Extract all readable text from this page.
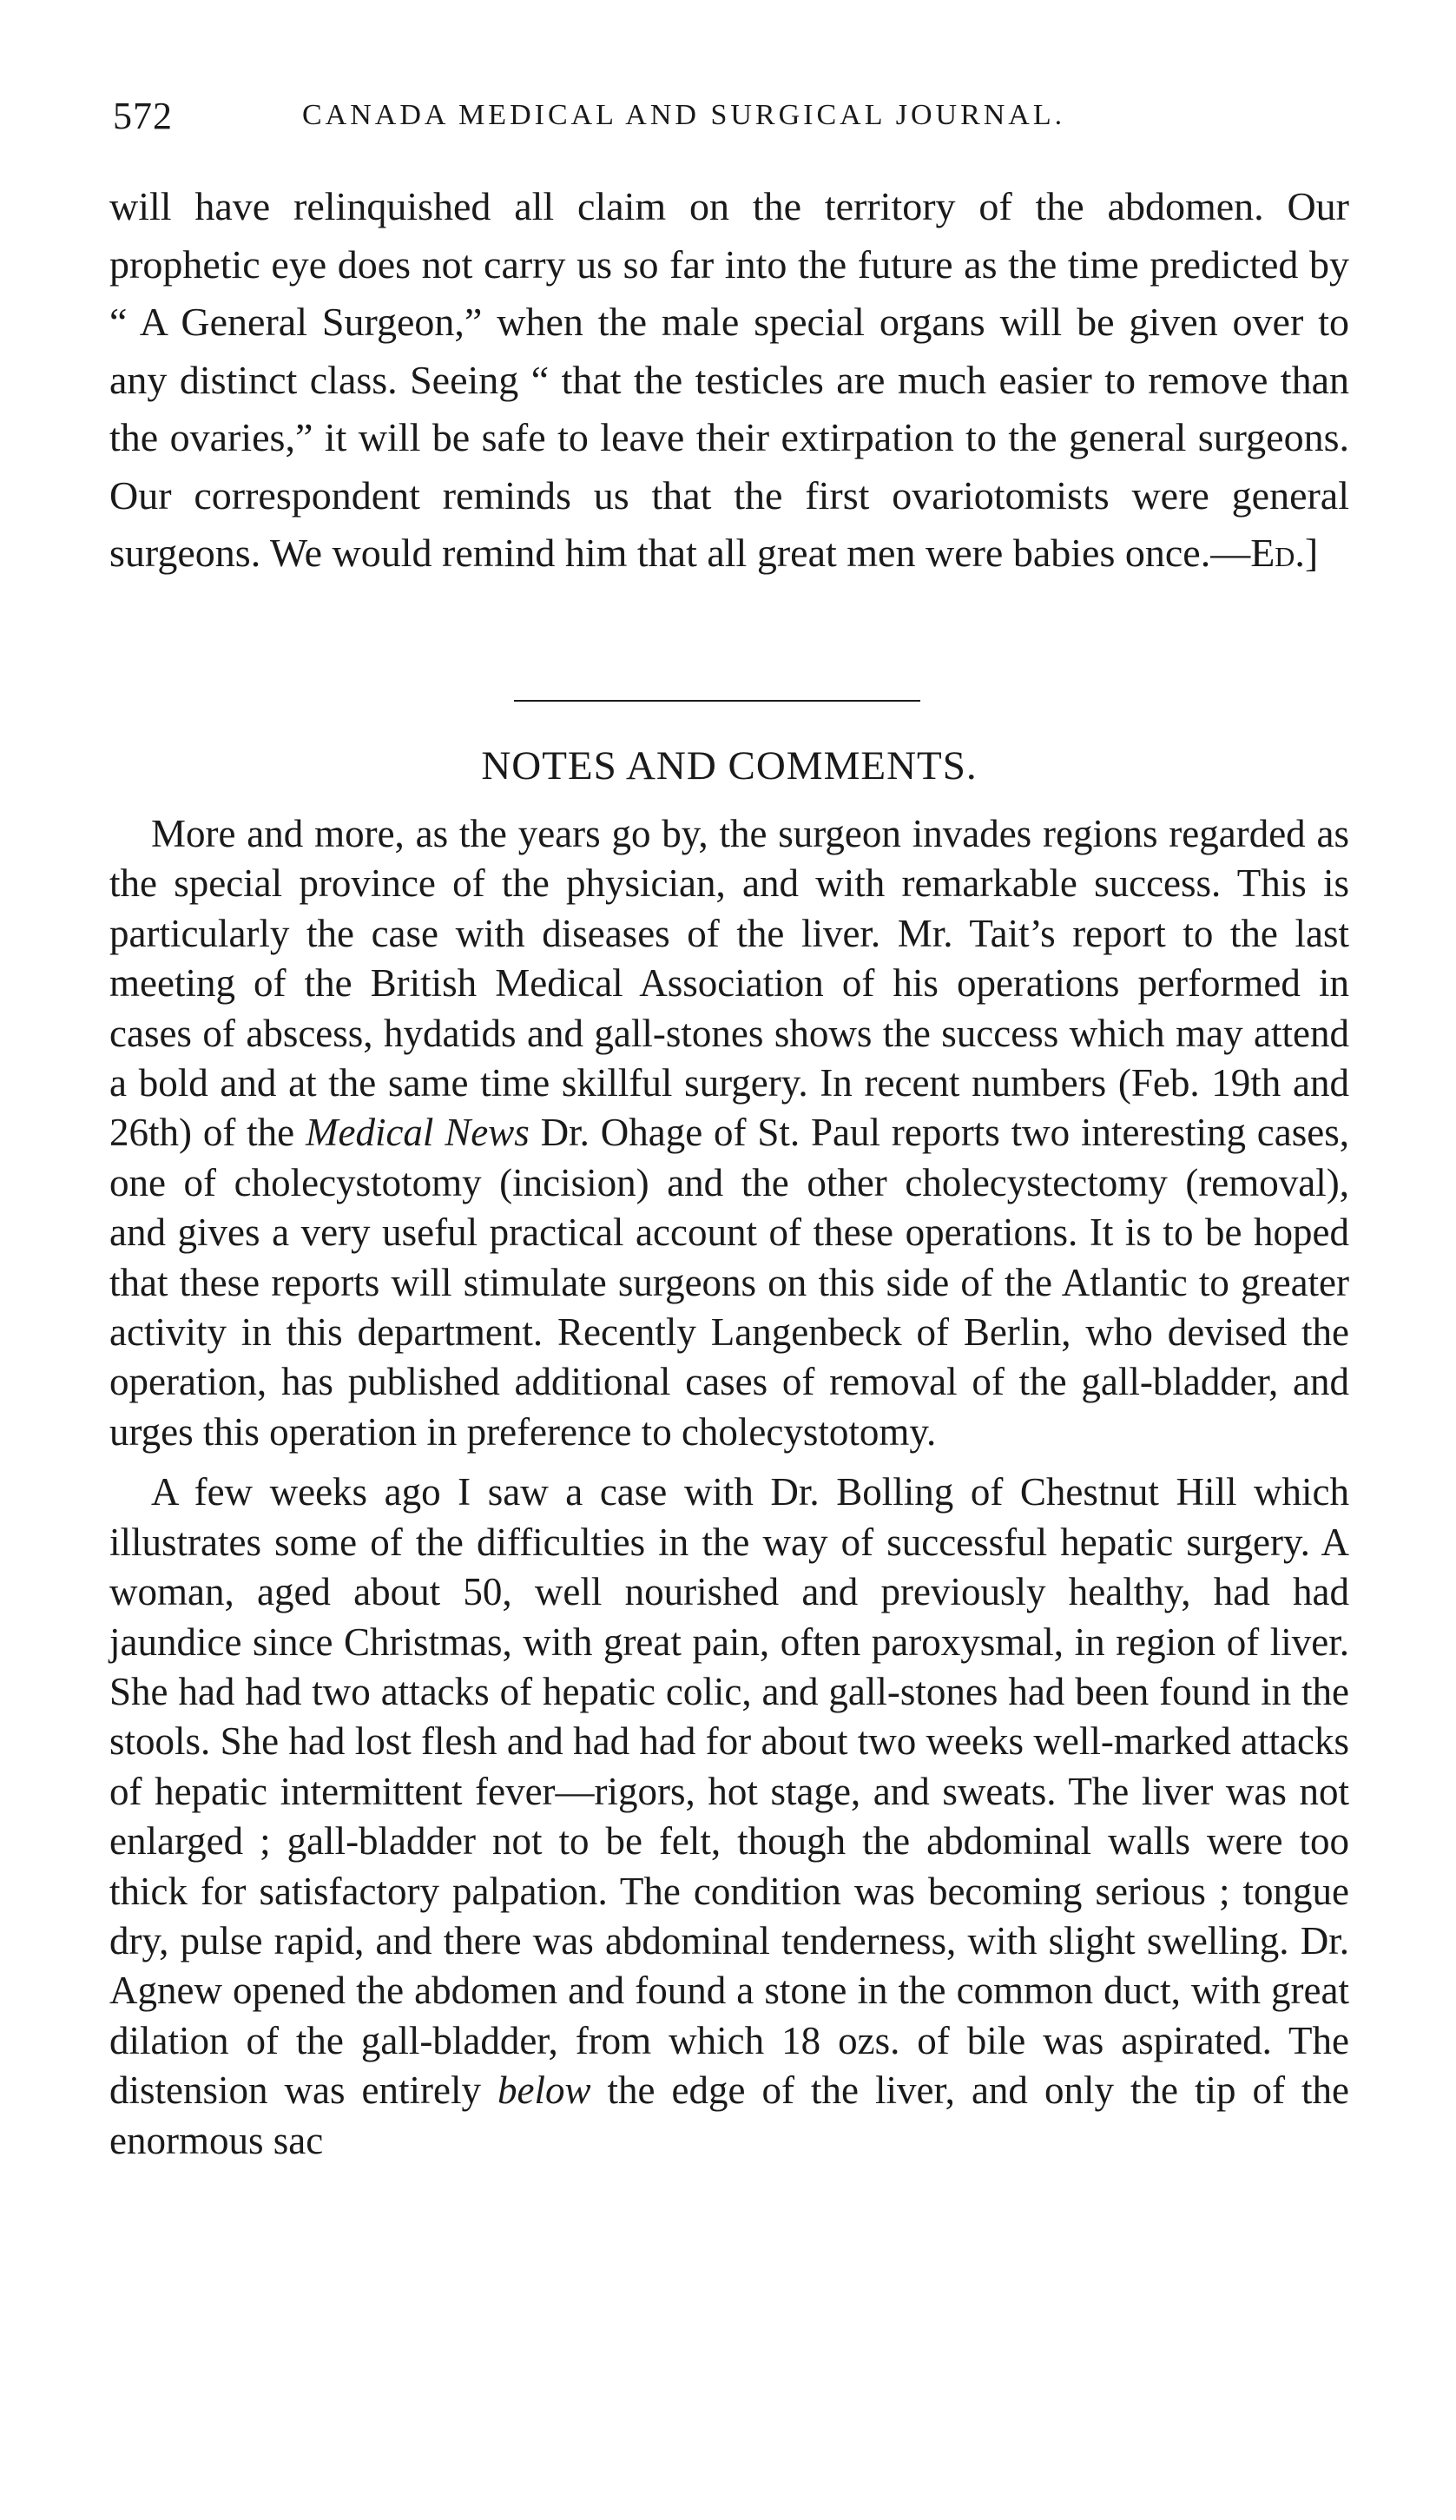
572	CANADA MEDICAL AND SURGICAL JOURNAL.

will have relinquished all claim on the territory of the abdomen. Our prophetic eye does not carry us so far into the future as the time predicted by “ A General Surgeon,” when the male special organs will be given over to any distinct class. Seeing “ that the testicles are much easier to remove than the ovaries,” it will be safe to leave their extirpation to the general surgeons. Our correspondent reminds us that the first ovariotomists were general surgeons. We would remind him that all great men were babies once.—Ed.]

NOTES AND COMMENTS.

More and more, as the years go by, the surgeon invades regions regarded as the special province of the physician, and with remarkable success. This is particularly the case with diseases of the liver. Mr. Tait’s report to the last meeting of the British Medical Association of his operations performed in cases of abscess, hydatids and gall-stones shows the success which may attend a bold and at the same time skillful surgery. In recent numbers (Feb. 19th and 26th) of the Medical News Dr. Ohage of St. Paul reports two interesting cases, one of cholecystotomy (incision) and the other cholecystectomy (removal), and gives a very useful practical account of these operations. It is to be hoped that these reports will stimulate surgeons on this side of the Atlantic to greater activity in this department. Recently Langenbeck of Berlin, who devised the operation, has published additional cases of removal of the gall-bladder, and urges this operation in preference to cholecystotomy.

A few weeks ago I saw a case with Dr. Bolling of Chestnut Hill which illustrates some of the difficulties in the way of successful hepatic surgery. A woman, aged about 50, well nourished and previously healthy, had had jaundice since Christmas, with great pain, often paroxysmal, in region of liver. She had had two attacks of hepatic colic, and gall-stones had been found in the stools. She had lost flesh and had had for about two weeks well-marked attacks of hepatic intermittent fever—rigors, hot stage, and sweats. The liver was not enlarged ; gall-bladder not to be felt, though the abdominal walls were too thick for satisfactory palpation. The condition was becoming serious ; tongue dry, pulse rapid, and there was abdominal tenderness, with slight swelling. Dr. Agnew opened the abdomen and found a stone in the common duct, with great dilation of the gall-bladder, from which 18 ozs. of bile was aspirated. The distension was entirely below the edge of the liver, and only the tip of the enormous sac
